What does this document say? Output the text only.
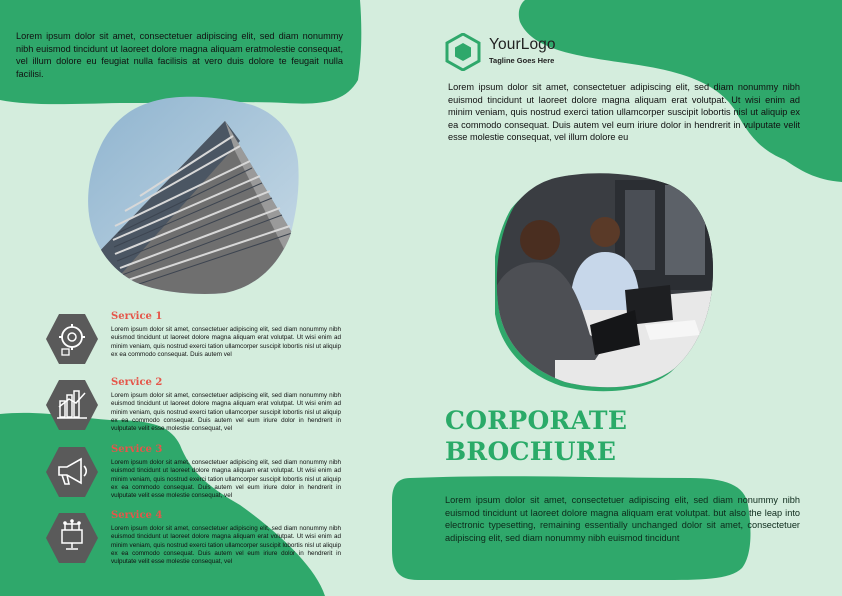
Lorem ipsum dolor sit amet, consectetuer adipiscing elit, sed diam nonummy nibh euismod tincidunt ut laoreet dolore magna aliquam eratmolestie consequat, vel illum dolore eu feugiat nulla facilisis at vero duis dolore te feugait nulla facilisi.

YourLogo
Tagline Goes Here

Lorem ipsum dolor sit amet, consectetuer adipiscing elit, sed diam nonummy nibh euismod tincidunt ut laoreet dolore magna aliquam erat volutpat. Ut wisi enim ad minim veniam, quis nostrud exerci tation ullamcorper suscipit lobortis nisl ut aliquip ex ea commodo consequat. Duis autem vel eum iriure dolor in hendrerit in vulputate velit esse molestie consequat, vel illum dolore eu

CORPORATE
BROCHURE

Lorem ipsum dolor sit amet, consectetuer adipiscing elit, sed diam nonummy nibh euismod tincidunt ut laoreet dolore magna aliquam erat volutpat. but also the leap into electronic typesetting, remaining essentially unchanged dolor sit amet, consectetuer adipiscing elit, sed diam nonummy nibh euismod tincidunt

Service 1

Lorem ipsum dolor sit amet, consectetuer adipiscing elit, sed diam nonummy nibh euismod tincidunt ut laoreet dolore magna aliquam erat volutpat. Ut wisi enim ad minim veniam, quis nostrud exerci tation ullamcorper suscipit lobortis nisl ut aliquip ex ea commodo consequat. Duis autem vel

Service 2

Lorem ipsum dolor sit amet, consectetuer adipiscing elit, sed diam nonummy nibh euismod tincidunt ut laoreet dolore magna aliquam erat volutpat. Ut wisi enim ad minim veniam, quis nostrud exerci tation ullamcorper suscipit lobortis nisl ut aliquip ex ea commodo consequat. Duis autem vel eum iriure dolor in hendrerit in vulputate velit esse molestie consequat, vel

Service 3

Lorem ipsum dolor sit amet, consectetuer adipiscing elit, sed diam nonummy nibh euismod tincidunt ut laoreet dolore magna aliquam erat volutpat. Ut wisi enim ad minim veniam, quis nostrud exerci tation ullamcorper suscipit lobortis nisl ut aliquip ex ea commodo consequat. Duis autem vel eum iriure dolor in hendrerit in vulputate velit esse molestie consequat, vel

Service 4

Lorem ipsum dolor sit amet, consectetuer adipiscing elit, sed diam nonummy nibh euismod tincidunt ut laoreet dolore magna aliquam erat volutpat. Ut wisi enim ad minim veniam, quis nostrud exerci tation ullamcorper suscipit lobortis nisl ut aliquip ex ea commodo consequat. Duis autem vel eum iriure dolor in hendrerit in vulputate velit esse molestie consequat, vel
